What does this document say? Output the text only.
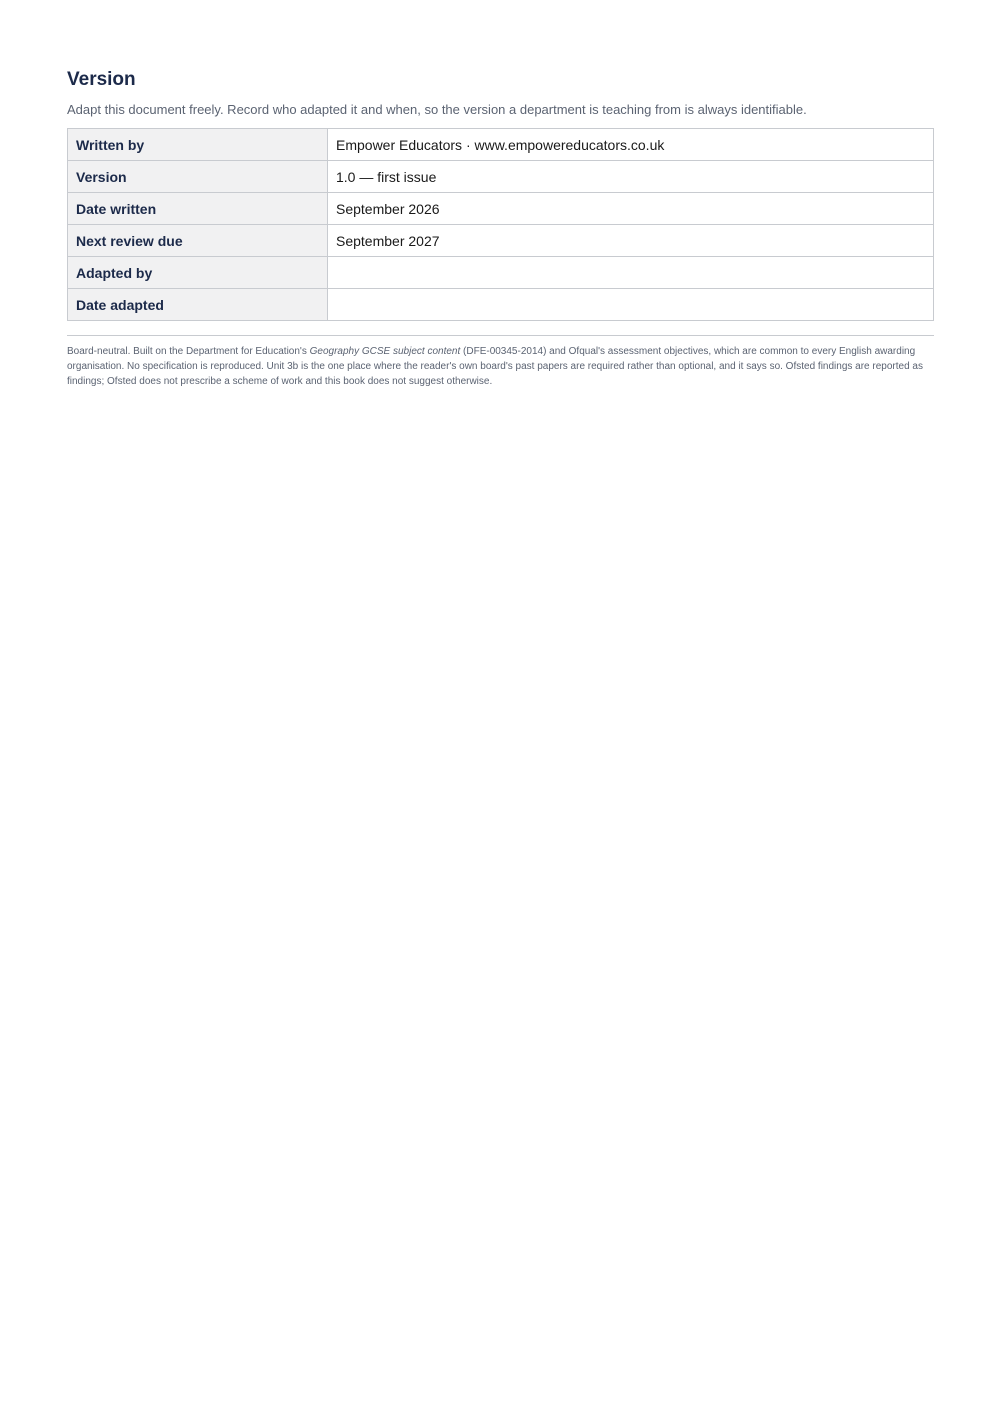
Version

Adapt this document freely. Record who adapted it and when, so the version a department is teaching from is always identifiable.

Written by	Empower Educators · www.empowereducators.co.uk
Version	1.0 — first issue
Date written	September 2026
Next review due	September 2027
Adapted by	
Date adapted	

Board-neutral. Built on the Department for Education's Geography GCSE subject content (DFE-00345-2014) and Ofqual's assessment objectives, which are common to every English awarding organisation. No specification is reproduced. Unit 3b is the one place where the reader's own board's past papers are required rather than optional, and it says so. Ofsted findings are reported as findings; Ofsted does not prescribe a scheme of work and this book does not suggest otherwise.
